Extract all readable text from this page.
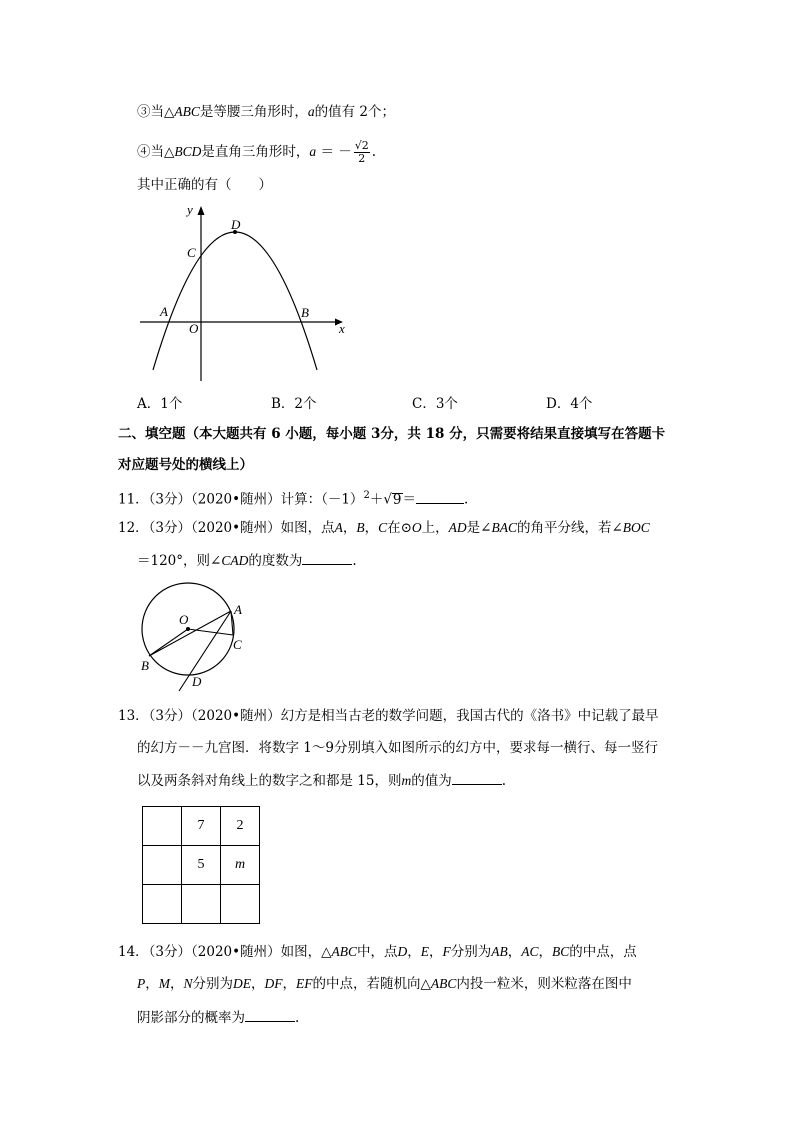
③当△ABC是等腰三角形时，a的值有 2个；
④当△BCD是直角三角形时，a ＝ － $\frac{√2}{2}$ .
其中正确的有（　　）
y
D
C
A
O
B
x
A．1个	B．2个	C．3个	D．4个
二、填空题（本大题共有 6 小题，每小题 3分，共 18 分，只需要将结果直接填写在答题卡
对应题号处的横线上）
11．（3分）（2020•随州）计算：$(-1)^2+√9=$	.
12．（3分）（2020•随州）如图，点A，B，C在⊙O上，AD是∠BAC的角平分线，若∠BOC
＝120°，则∠CAD的度数为	.
A
O
C
B
D
13．（3分）（2020•随州）幻方是相当古老的数学问题，我国古代的《洛书》中记载了最早
的幻方－－九宫图．将数字 1～9分别填入如图所示的幻方中，要求每一横行、每一竖行
以及两条斜对角线上的数字之和都是 15，则m的值为	.
	7	2
	5	m

14．（3分）（2020•随州）如图，△ABC中，点D，E，F分别为AB，AC，BC的中点，点
P，M，N分别为DE，DF，EF的中点，若随机向△ABC内投一粒米，则米粒落在图中
阴影部分的概率为	.
